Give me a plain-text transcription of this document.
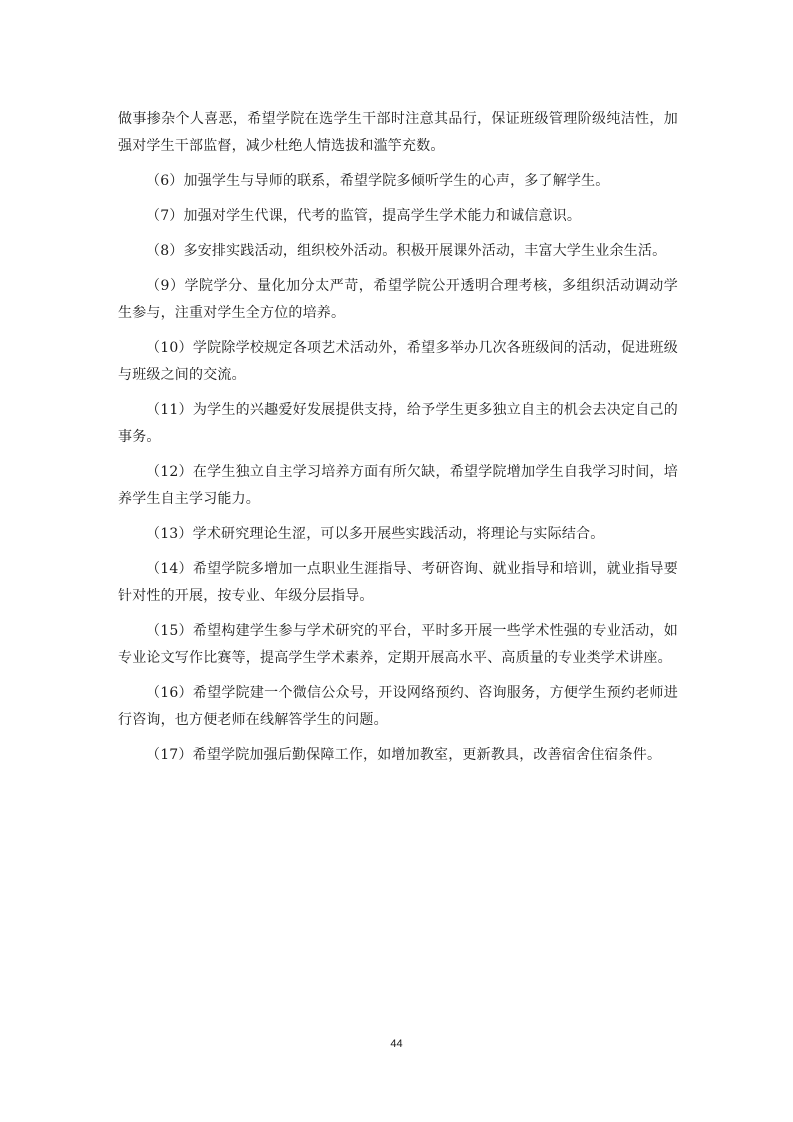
做事掺杂个人喜恶，希望学院在选学生干部时注意其品行，保证班级管理阶级纯洁性，加强对学生干部监督，减少杜绝人情选拔和滥竽充数。

（6）加强学生与导师的联系，希望学院多倾听学生的心声，多了解学生。

（7）加强对学生代课，代考的监管，提高学生学术能力和诚信意识。

（8）多安排实践活动，组织校外活动。积极开展课外活动，丰富大学生业余生活。

（9）学院学分、量化加分太严苛，希望学院公开透明合理考核，多组织活动调动学生参与，注重对学生全方位的培养。

（10）学院除学校规定各项艺术活动外，希望多举办几次各班级间的活动，促进班级与班级之间的交流。

（11）为学生的兴趣爱好发展提供支持，给予学生更多独立自主的机会去决定自己的事务。

（12）在学生独立自主学习培养方面有所欠缺，希望学院增加学生自我学习时间，培养学生自主学习能力。

（13）学术研究理论生涩，可以多开展些实践活动，将理论与实际结合。

（14）希望学院多增加一点职业生涯指导、考研咨询、就业指导和培训，就业指导要针对性的开展，按专业、年级分层指导。

（15）希望构建学生参与学术研究的平台，平时多开展一些学术性强的专业活动，如专业论文写作比赛等，提高学生学术素养，定期开展高水平、高质量的专业类学术讲座。

（16）希望学院建一个微信公众号，开设网络预约、咨询服务，方便学生预约老师进行咨询，也方便老师在线解答学生的问题。

（17）希望学院加强后勤保障工作，如增加教室，更新教具，改善宿舍住宿条件。

44
